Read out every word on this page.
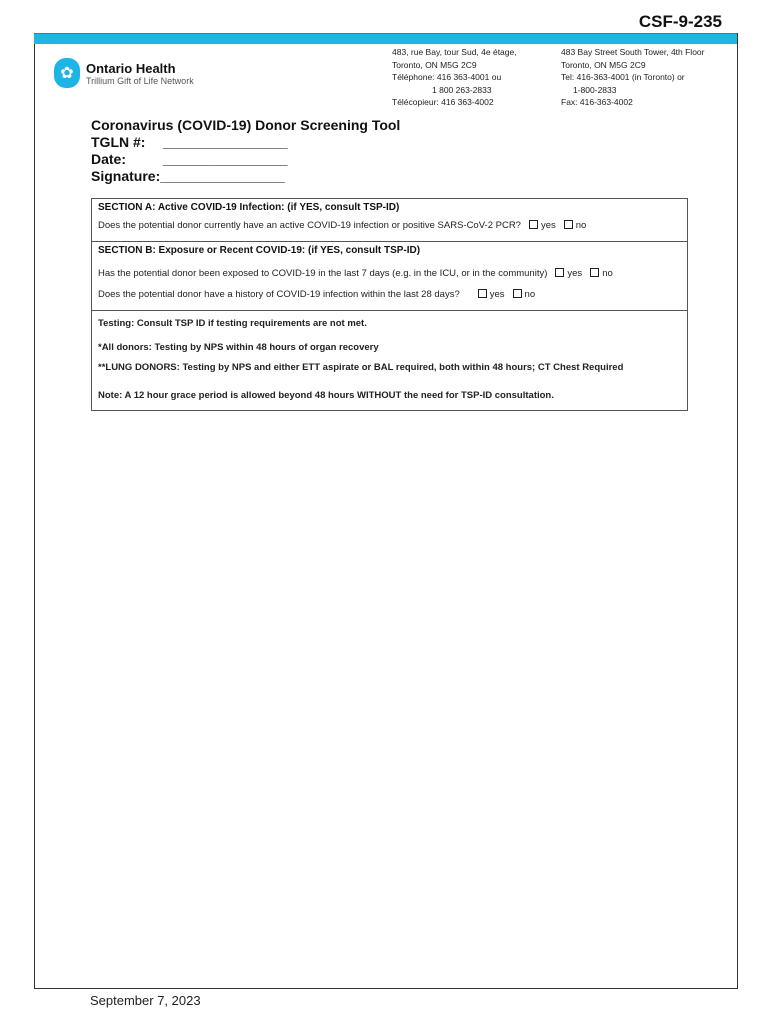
CSF-9-235
✿ Ontario Health
Trillium Gift of Life Network
483, rue Bay, tour Sud, 4e étage,
Toronto, ON M5G 2C9
Téléphone: 416 363-4001 ou
1 800 263-2833
Télécopieur: 416 363-4002
483 Bay Street South Tower, 4th Floor
Toronto, ON M5G 2C9
Tel: 416-363-4001 (in Toronto) or
1-800-2833
Fax: 416-363-4002
Coronavirus (COVID-19) Donor Screening Tool
TGLN #:	________________
Date:	________________
Signature: ________________
SECTION A: Active COVID-19 Infection: (if YES, consult TSP-ID)
Does the potential donor currently have an active COVID-19 infection or positive SARS-CoV-2 PCR? yes no
SECTION B: Exposure or Recent COVID-19: (if YES, consult TSP-ID)
Has the potential donor been exposed to COVID-19 in the last 7 days (e.g. in the ICU, or in the community) yes no
Does the potential donor have a history of COVID-19 infection within the last 28 days?	yes no
Testing: Consult TSP ID if testing requirements are not met.
*All donors: Testing by NPS within 48 hours of organ recovery
**LUNG DONORS: Testing by NPS and either ETT aspirate or BAL required, both within 48 hours; CT Chest Required
Note: A 12 hour grace period is allowed beyond 48 hours WITHOUT the need for TSP-ID consultation.
September 7, 2023
